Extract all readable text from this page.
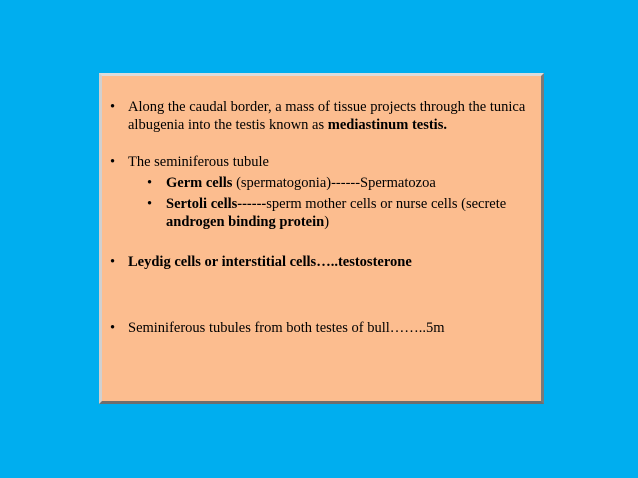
• Along the caudal border, a mass of tissue projects through the tunica albugenia into the testis known as mediastinum testis.
• The seminiferous tubule
• Germ cells (spermatogonia)------Spermatozoa
• Sertoli cells------sperm mother cells or nurse cells (secrete
androgen binding protein)
• Leydig cells or interstitial cells…..testosterone
• Seminiferous tubules from both testes of bull……..5m
